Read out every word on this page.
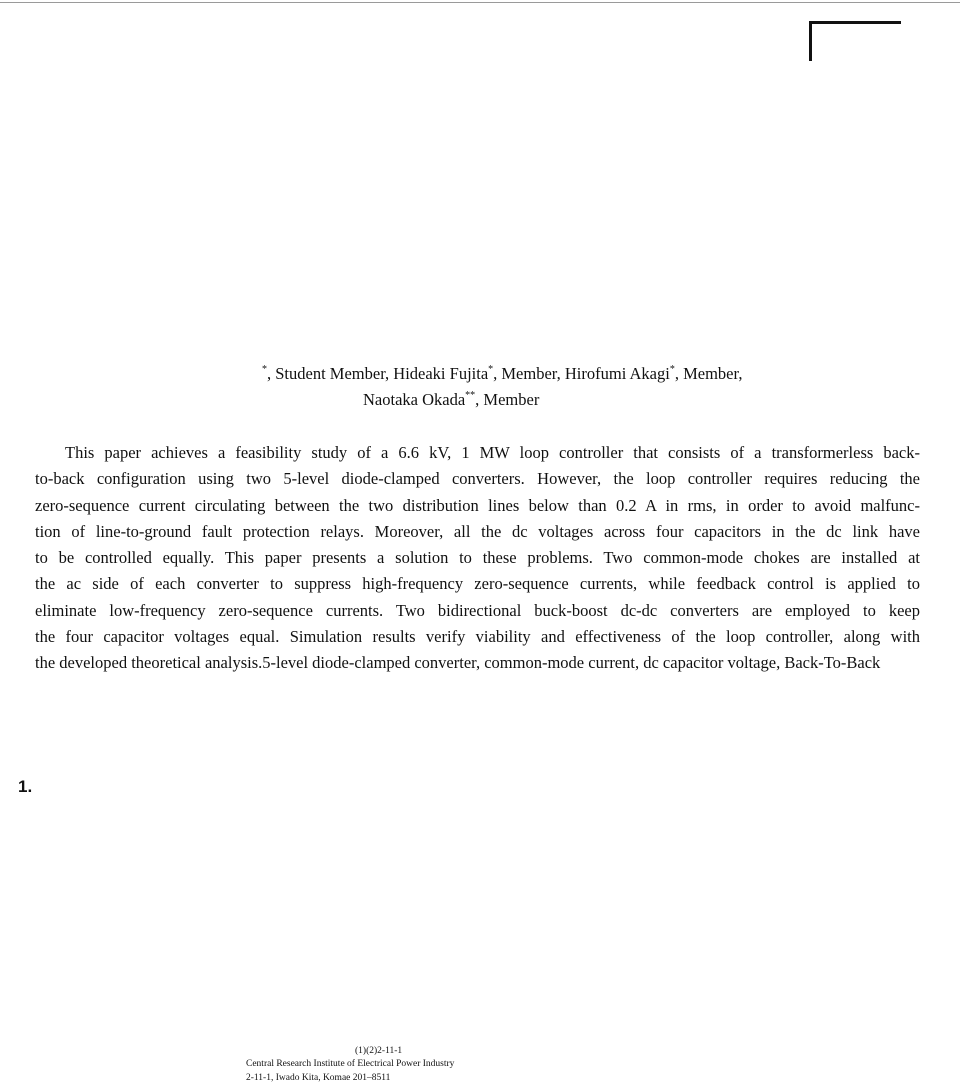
*, Student Member, Hideaki Fujita*, Member, Hirofumi Akagi*, Member,
Naotaka Okada**, Member
This paper achieves a feasibility study of a 6.6 kV, 1 MW loop controller that consists of a transformerless back-
to-back configuration using two 5-level diode-clamped converters. However, the loop controller requires reducing the
zero-sequence current circulating between the two distribution lines below than 0.2 A in rms, in order to avoid malfunc-
tion of line-to-ground fault protection relays. Moreover, all the dc voltages across four capacitors in the dc link have
to be controlled equally. This paper presents a solution to these problems. Two common-mode chokes are installed at
the ac side of each converter to suppress high-frequency zero-sequence currents, while feedback control is applied to
eliminate low-frequency zero-sequence currents. Two bidirectional buck-boost dc-dc converters are employed to keep
the four capacitor voltages equal. Simulation results verify viability and effectiveness of the loop controller, along with
the developed theoretical analysis.5-level diode-clamped converter, common-mode current, dc capacitor voltage, Back-To-Back
1.
(1)(2)2-11-1
Central Research Institute of Electrical Power Industry
2-11-1, Iwado Kita, Komae 201–8511
